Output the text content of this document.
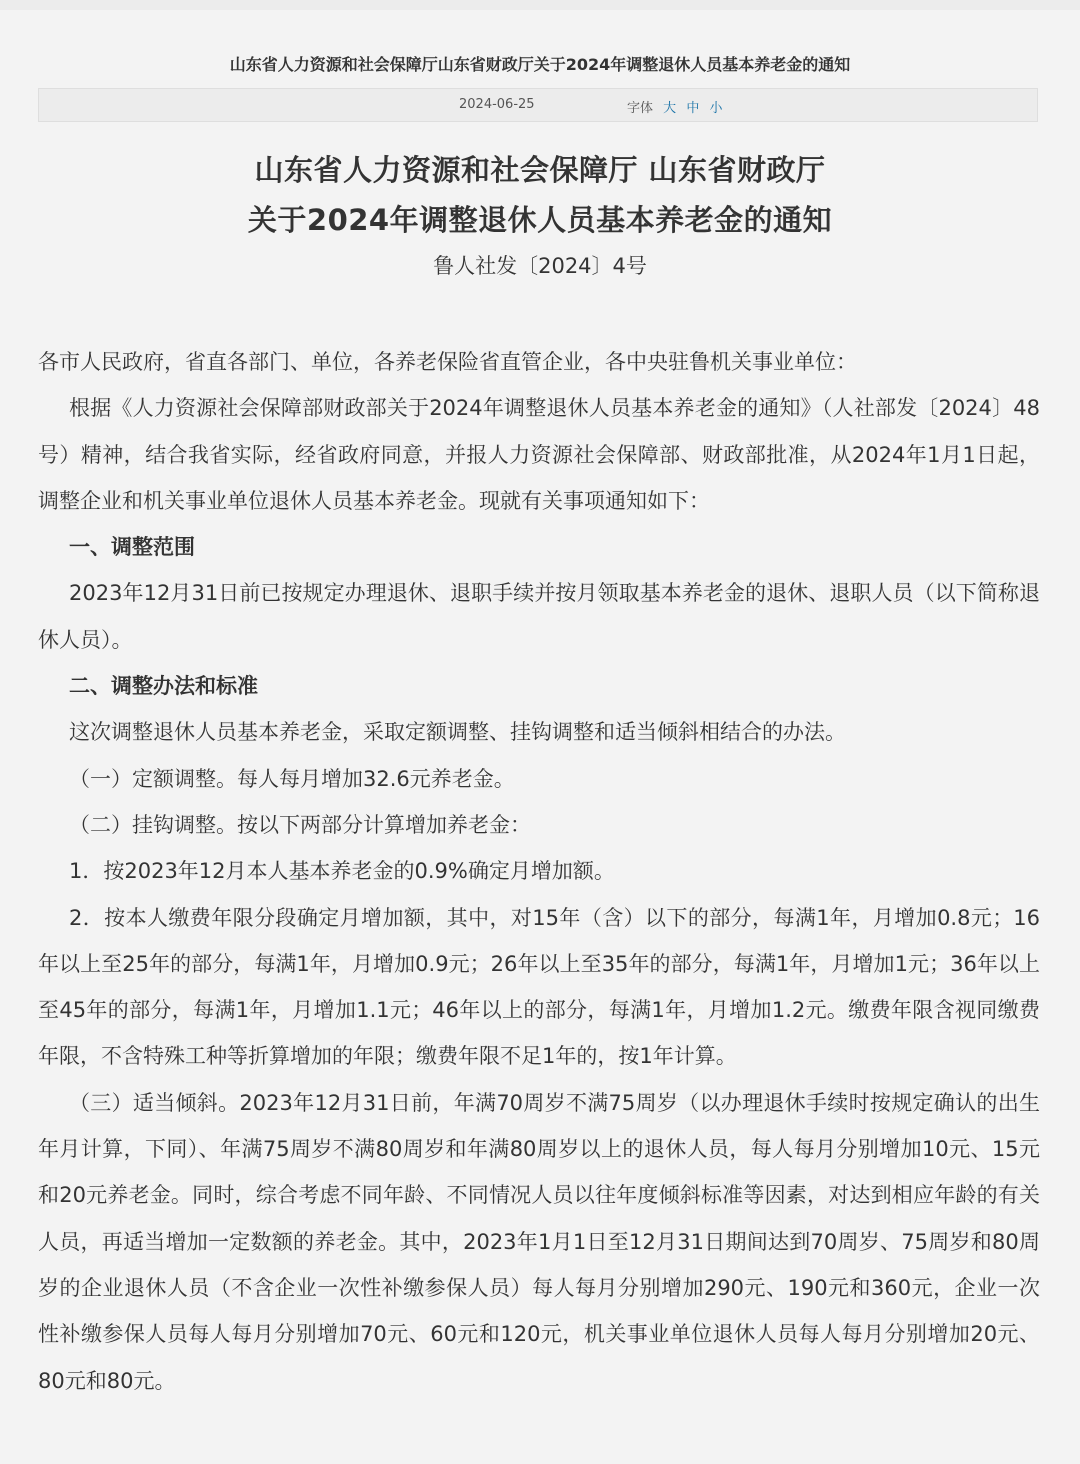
山东省人力资源和社会保障厅山东省财政厅关于2024年调整退休人员基本养老金的通知
2024-06-25	字体 大 中 小
山东省人力资源和社会保障厅 山东省财政厅
关于2024年调整退休人员基本养老金的通知
鲁人社发〔2024〕4号

各市人民政府，省直各部门、单位，各养老保险省直管企业，各中央驻鲁机关事业单位：

根据《人力资源社会保障部财政部关于2024年调整退休人员基本养老金的通知》（人社部发〔2024〕48号）精神，结合我省实际，经省政府同意，并报人力资源社会保障部、财政部批准，从2024年1月1日起，调整企业和机关事业单位退休人员基本养老金。现就有关事项通知如下：

一、调整范围

2023年12月31日前已按规定办理退休、退职手续并按月领取基本养老金的退休、退职人员（以下简称退休人员）。

二、调整办法和标准

这次调整退休人员基本养老金，采取定额调整、挂钩调整和适当倾斜相结合的办法。

（一）定额调整。每人每月增加32.6元养老金。

（二）挂钩调整。按以下两部分计算增加养老金：

1．按2023年12月本人基本养老金的0.9%确定月增加额。

2．按本人缴费年限分段确定月增加额，其中，对15年（含）以下的部分，每满1年，月增加0.8元；16年以上至25年的部分，每满1年，月增加0.9元；26年以上至35年的部分，每满1年，月增加1元；36年以上至45年的部分，每满1年，月增加1.1元；46年以上的部分，每满1年，月增加1.2元。缴费年限含视同缴费年限，不含特殊工种等折算增加的年限；缴费年限不足1年的，按1年计算。

（三）适当倾斜。2023年12月31日前，年满70周岁不满75周岁（以办理退休手续时按规定确认的出生年月计算，下同）、年满75周岁不满80周岁和年满80周岁以上的退休人员，每人每月分别增加10元、15元和20元养老金。同时，综合考虑不同年龄、不同情况人员以往年度倾斜标准等因素，对达到相应年龄的有关人员，再适当增加一定数额的养老金。其中，2023年1月1日至12月31日期间达到70周岁、75周岁和80周岁的企业退休人员（不含企业一次性补缴参保人员）每人每月分别增加290元、190元和360元，企业一次性补缴参保人员每人每月分别增加70元、60元和120元，机关事业单位退休人员每人每月分别增加20元、80元和80元。
